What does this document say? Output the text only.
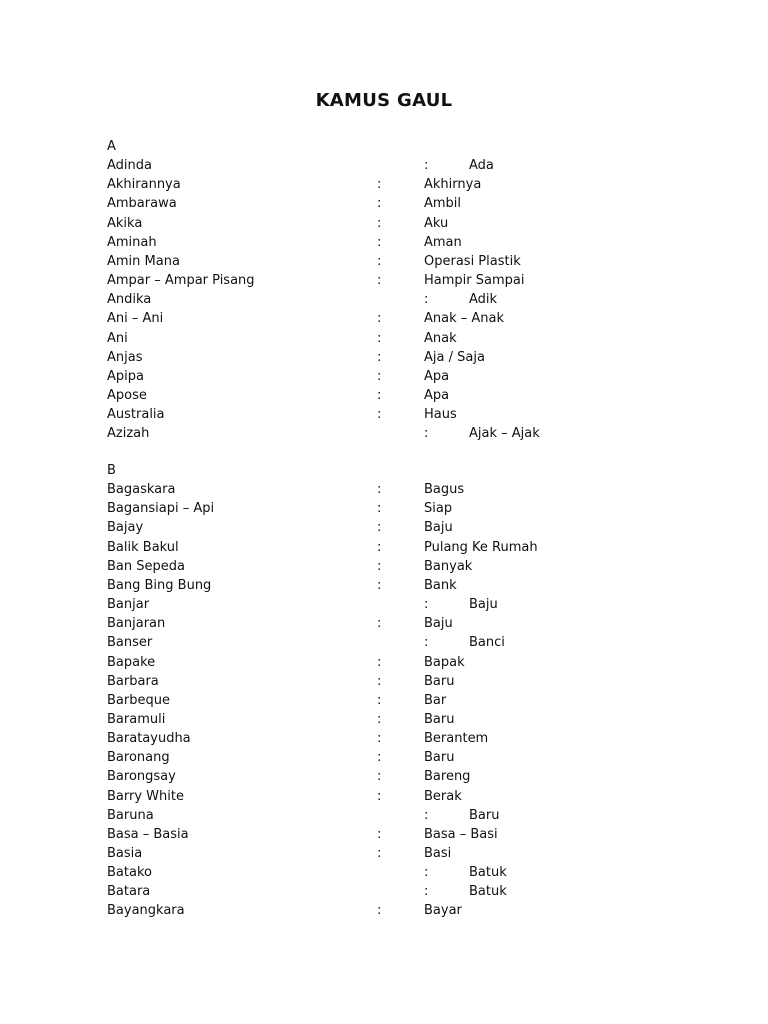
KAMUS GAUL
A
Adinda	:	Ada
Akhirannya	:	Akhirnya
Ambarawa	:	Ambil
Akika	:	Aku
Aminah	:	Aman
Amin Mana	:	Operasi Plastik
Ampar – Ampar Pisang	:	Hampir Sampai
Andika	:	Adik
Ani – Ani	:	Anak – Anak
Ani	:	Anak
Anjas	:	Aja / Saja
Apipa	:	Apa
Apose	:	Apa
Australia	:	Haus
Azizah	:	Ajak – Ajak
B
Bagaskara	:	Bagus
Bagansiapi – Api	:	Siap
Bajay	:	Baju
Balik Bakul	:	Pulang Ke Rumah
Ban Sepeda	:	Banyak
Bang Bing Bung	:	Bank
Banjar	:	Baju
Banjaran	:	Baju
Banser	:	Banci
Bapake	:	Bapak
Barbara	:	Baru
Barbeque	:	Bar
Baramuli	:	Baru
Baratayudha	:	Berantem
Baronang	:	Baru
Barongsay	:	Bareng
Barry White	:	Berak
Baruna	:	Baru
Basa – Basia	:	Basa – Basi
Basia	:	Basi
Batako	:	Batuk
Batara	:	Batuk
Bayangkara	:	Bayar
